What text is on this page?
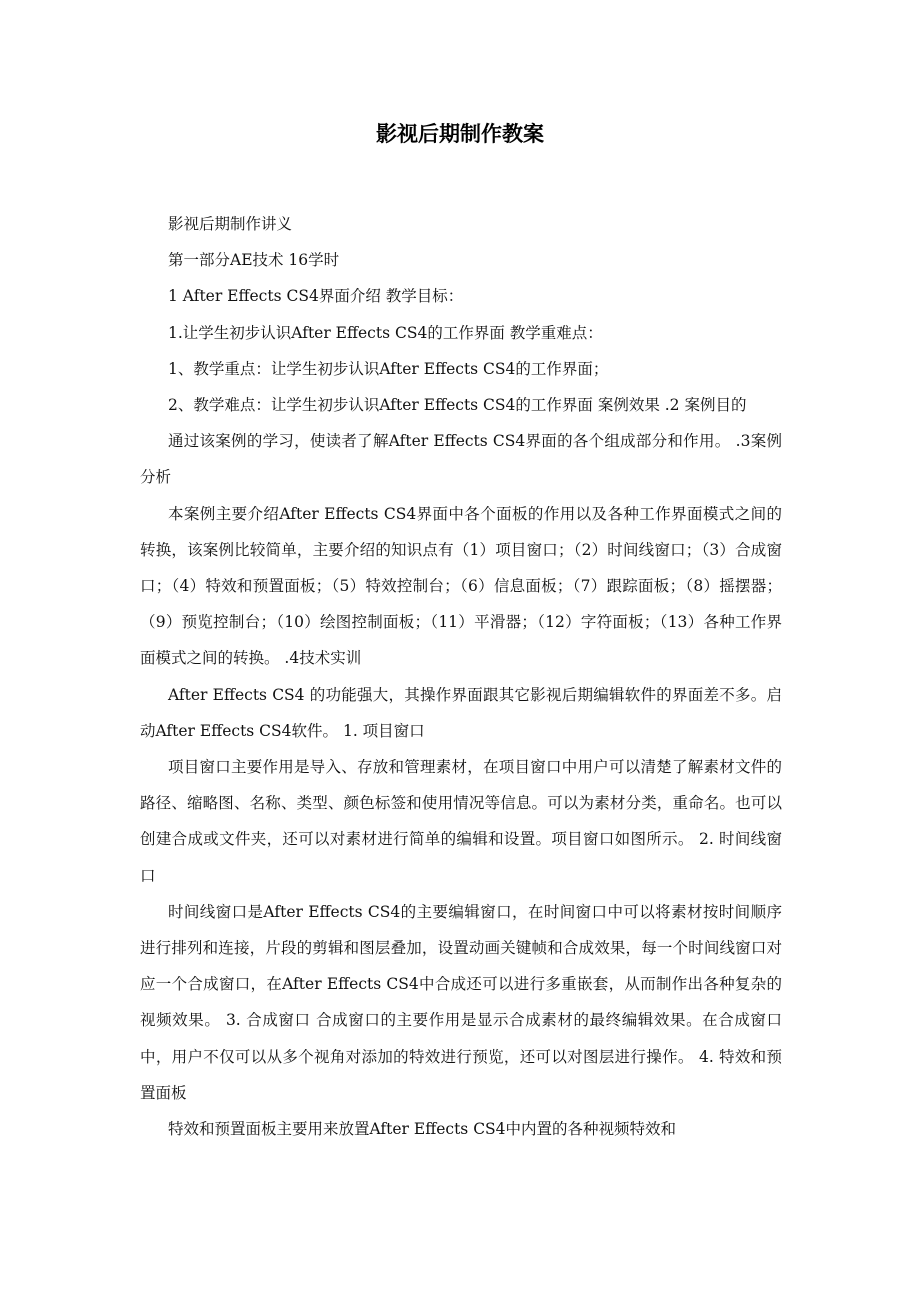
影视后期制作教案

影视后期制作讲义

第一部分AE技术 16学时

1 After Effects CS4界面介绍 教学目标：

1.让学生初步认识After Effects CS4的工作界面 教学重难点：

1、教学重点：让学生初步认识After Effects CS4的工作界面；

2、教学难点：让学生初步认识After Effects CS4的工作界面 案例效果 .2 案例目的

通过该案例的学习，使读者了解After Effects CS4界面的各个组成部分和作用。 .3案例分析

本案例主要介绍After Effects CS4界面中各个面板的作用以及各种工作界面模式之间的转换，该案例比较简单，主要介绍的知识点有（1）项目窗口；（2）时间线窗口；（3）合成窗口；（4）特效和预置面板；（5）特效控制台；（6）信息面板；（7）跟踪面板；（8）摇摆器；（9）预览控制台；（10）绘图控制面板；（11）平滑器；（12）字符面板；（13）各种工作界面模式之间的转换。 .4技术实训

After Effects CS4 的功能强大，其操作界面跟其它影视后期编辑软件的界面差不多。启动After Effects CS4软件。 1. 项目窗口

项目窗口主要作用是导入、存放和管理素材，在项目窗口中用户可以清楚了解素材文件的路径、缩略图、名称、类型、颜色标签和使用情况等信息。可以为素材分类，重命名。也可以创建合成或文件夹，还可以对素材进行简单的编辑和设置。项目窗口如图所示。 2. 时间线窗口

时间线窗口是After Effects CS4的主要编辑窗口，在时间窗口中可以将素材按时间顺序进行排列和连接，片段的剪辑和图层叠加，设置动画关键帧和合成效果，每一个时间线窗口对应一个合成窗口，在After Effects CS4中合成还可以进行多重嵌套，从而制作出各种复杂的视频效果。 3. 合成窗口 合成窗口的主要作用是显示合成素材的最终编辑效果。在合成窗口中，用户不仅可以从多个视角对添加的特效进行预览，还可以对图层进行操作。 4. 特效和预置面板

特效和预置面板主要用来放置After Effects CS4中内置的各种视频特效和
